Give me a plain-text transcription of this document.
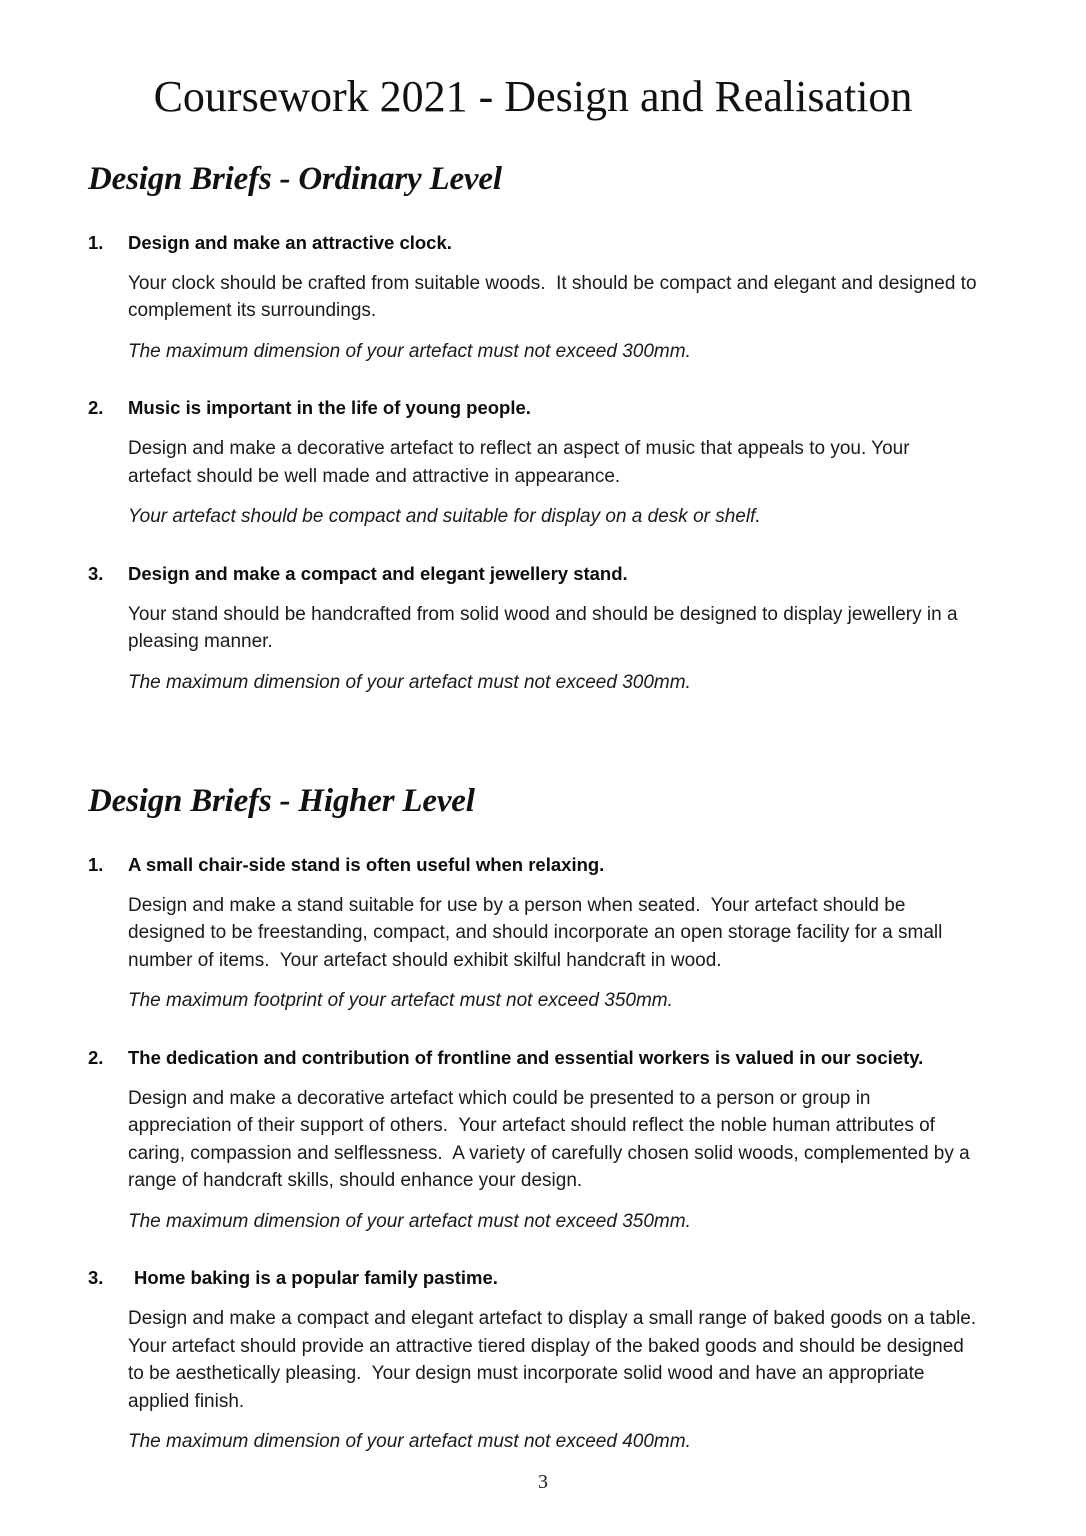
Coursework 2021 - Design and Realisation
Design Briefs - Ordinary Level
1.	Design and make an attractive clock.

Your clock should be crafted from suitable woods.  It should be compact and elegant and designed to complement its surroundings.

The maximum dimension of your artefact must not exceed 300mm.

2.	Music is important in the life of young people.

Design and make a decorative artefact to reflect an aspect of music that appeals to you. Your artefact should be well made and attractive in appearance.

Your artefact should be compact and suitable for display on a desk or shelf.

3.	Design and make a compact and elegant jewellery stand.

Your stand should be handcrafted from solid wood and should be designed to display jewellery in a pleasing manner.

The maximum dimension of your artefact must not exceed 300mm.

Design Briefs - Higher Level
1.	A small chair-side stand is often useful when relaxing.

Design and make a stand suitable for use by a person when seated.  Your artefact should be designed to be freestanding, compact, and should incorporate an open storage facility for a small number of items.  Your artefact should exhibit skilful handcraft in wood.

The maximum footprint of your artefact must not exceed 350mm.

2.	The dedication and contribution of frontline and essential workers is valued in our society.

Design and make a decorative artefact which could be presented to a person or group in appreciation of their support of others.  Your artefact should reflect the noble human attributes of caring, compassion and selflessness.  A variety of carefully chosen solid woods, complemented by a range of handcraft skills, should enhance your design.

The maximum dimension of your artefact must not exceed 350mm.

3.	Home baking is a popular family pastime.

Design and make a compact and elegant artefact to display a small range of baked goods on a table.  Your artefact should provide an attractive tiered display of the baked goods and should be designed to be aesthetically pleasing.  Your design must incorporate solid wood and have an appropriate applied finish.

The maximum dimension of your artefact must not exceed 400mm.

3
